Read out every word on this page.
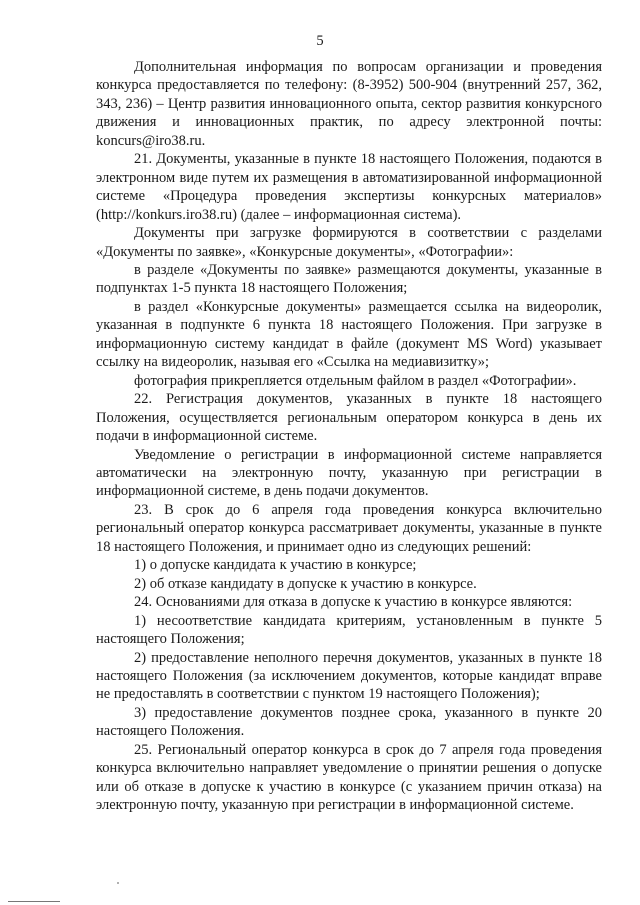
5

Дополнительная информация по вопросам организации и проведения конкурса предоставляется по телефону: (8-3952) 500-904 (внутренний 257, 362, 343, 236) – Центр развития инновационного опыта, сектор развития конкурсного движения и инновационных практик, по адресу электронной почты: koncurs@iro38.ru.

21. Документы, указанные в пункте 18 настоящего Положения, подаются в электронном виде путем их размещения в автоматизированной информационной системе «Процедура проведения экспертизы конкурсных материалов» (http://konkurs.iro38.ru) (далее – информационная система).

Документы при загрузке формируются в соответствии с разделами «Документы по заявке», «Конкурсные документы», «Фотографии»:

в разделе «Документы по заявке» размещаются документы, указанные в подпунктах 1-5 пункта 18 настоящего Положения;

в раздел «Конкурсные документы» размещается ссылка на видеоролик, указанная в подпункте 6 пункта 18 настоящего Положения. При загрузке в информационную систему кандидат в файле (документ MS Word) указывает ссылку на видеоролик, называя его «Ссылка на медиавизитку»;

фотография прикрепляется отдельным файлом в раздел «Фотографии».

22. Регистрация документов, указанных в пункте 18 настоящего Положения, осуществляется региональным оператором конкурса в день их подачи в информационной системе.

Уведомление о регистрации в информационной системе направляется автоматически на электронную почту, указанную при регистрации в информационной системе, в день подачи документов.

23. В срок до 6 апреля года проведения конкурса включительно региональный оператор конкурса рассматривает документы, указанные в пункте 18 настоящего Положения, и принимает одно из следующих решений:

1) о допуске кандидата к участию в конкурсе;

2) об отказе кандидату в допуске к участию в конкурсе.

24. Основаниями для отказа в допуске к участию в конкурсе являются:

1) несоответствие кандидата критериям, установленным в пункте 5 настоящего Положения;

2) предоставление неполного перечня документов, указанных в пункте 18 настоящего Положения (за исключением документов, которые кандидат вправе не предоставлять в соответствии с пунктом 19 настоящего Положения);

3) предоставление документов позднее срока, указанного в пункте 20 настоящего Положения.

25. Региональный оператор конкурса в срок до 7 апреля года проведения конкурса включительно направляет уведомление о принятии решения о допуске или об отказе в допуске к участию в конкурсе (с указанием причин отказа) на электронную почту, указанную при регистрации в информационной системе.
